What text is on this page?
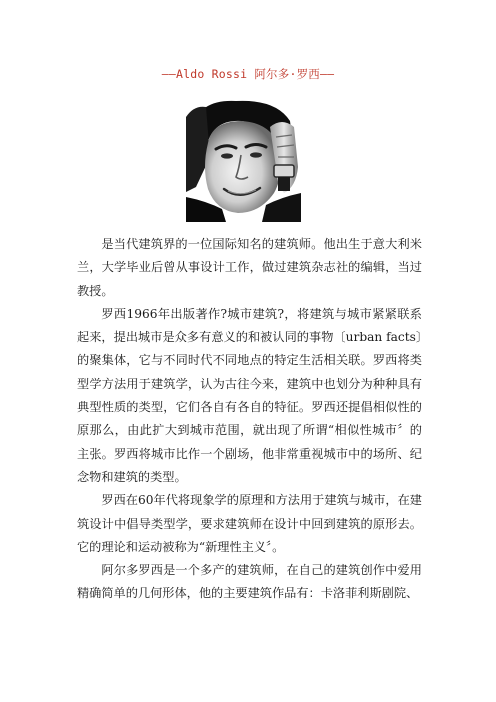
——Aldo Rossi 阿尔多·罗西——

是当代建筑界的一位国际知名的建筑师。他出生于意大利米兰，大学毕业后曾从事设计工作，做过建筑杂志社的编辑，当过教授。

罗西1966年出版著作?城市建筑?，将建筑与城市紧紧联系起来，提出城市是众多有意义的和被认同的事物〔urban facts〕的聚集体，它与不同时代不同地点的特定生活相关联。罗西将类型学方法用于建筑学，认为古往今来，建筑中也划分为种种具有典型性质的类型，它们各自有各自的特征。罗西还提倡相似性的原那么，由此扩大到城市范围，就出现了所谓“相似性城市〞的主张。罗西将城市比作一个剧场，他非常重视城市中的场所、纪念物和建筑的类型。

罗西在60年代将现象学的原理和方法用于建筑与城市，在建筑设计中倡导类型学，要求建筑师在设计中回到建筑的原形去。它的理论和运动被称为“新理性主义〞。

阿尔多罗西是一个多产的建筑师，在自己的建筑创作中爱用精确简单的几何形体，他的主要建筑作品有：卡洛菲利斯剧院、
